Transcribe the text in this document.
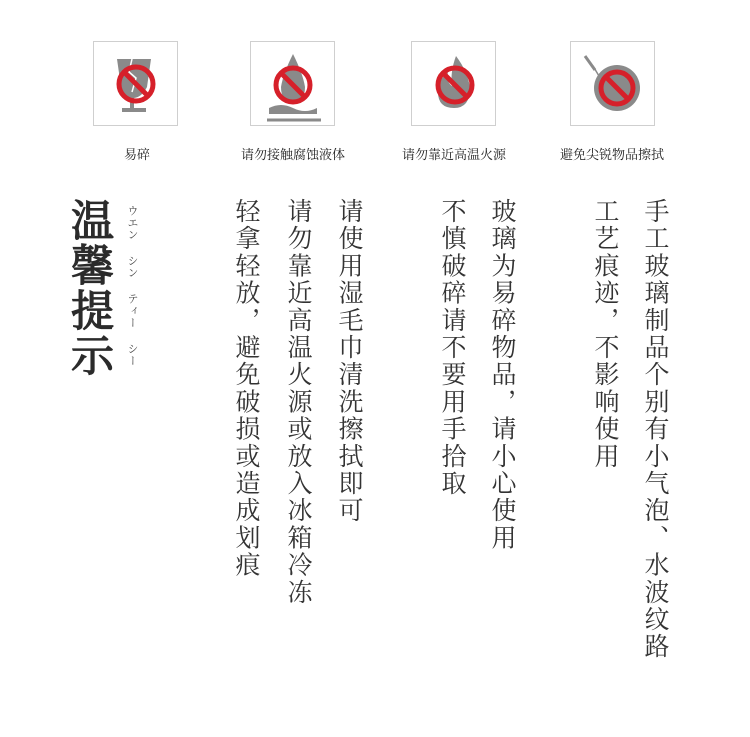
易碎	请勿接触腐蚀液体	请勿靠近高温火源	避免尖锐物品擦拭
温馨提示 ウエン シン ティー シー	手工玻璃制品个别有小气泡、水波纹路
工艺痕迹，不影响使用
玻璃为易碎物品，请小心使用
不慎破碎请不要用手拾取
请使用湿毛巾清洗擦拭即可
请勿靠近高温火源或放入冰箱冷冻
轻拿轻放，避免破损或造成划痕
